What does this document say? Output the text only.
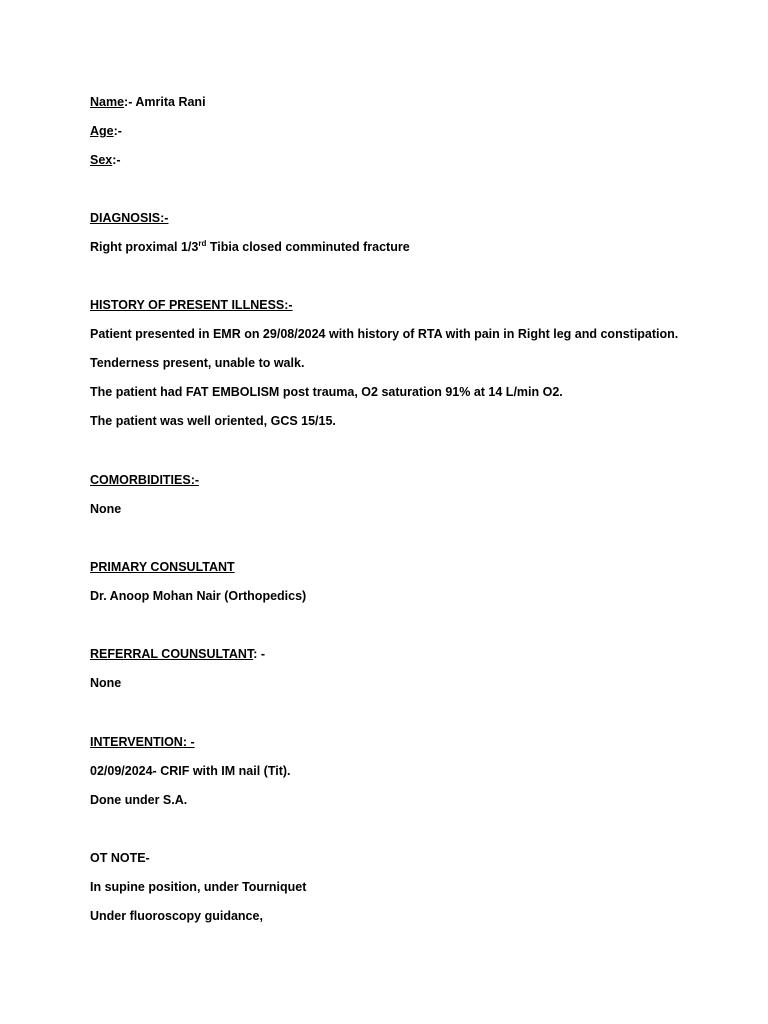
Name:- Amrita Rani
Age:-
Sex:-
DIAGNOSIS:-
Right proximal 1/3rd Tibia closed comminuted fracture
HISTORY OF PRESENT ILLNESS:-
Patient presented in EMR on 29/08/2024 with history of RTA with pain in Right leg and constipation.
Tenderness present, unable to walk.
The patient had FAT EMBOLISM post trauma, O2 saturation 91% at 14 L/min O2.
The patient was well oriented, GCS 15/15.
COMORBIDITIES:-
None
PRIMARY CONSULTANT
Dr. Anoop Mohan Nair (Orthopedics)
REFERRAL COUNSULTANT: -
None
INTERVENTION: -
02/09/2024- CRIF with IM nail (Tit).
Done under S.A.
OT NOTE-
In supine position, under Tourniquet
Under fluoroscopy guidance,
